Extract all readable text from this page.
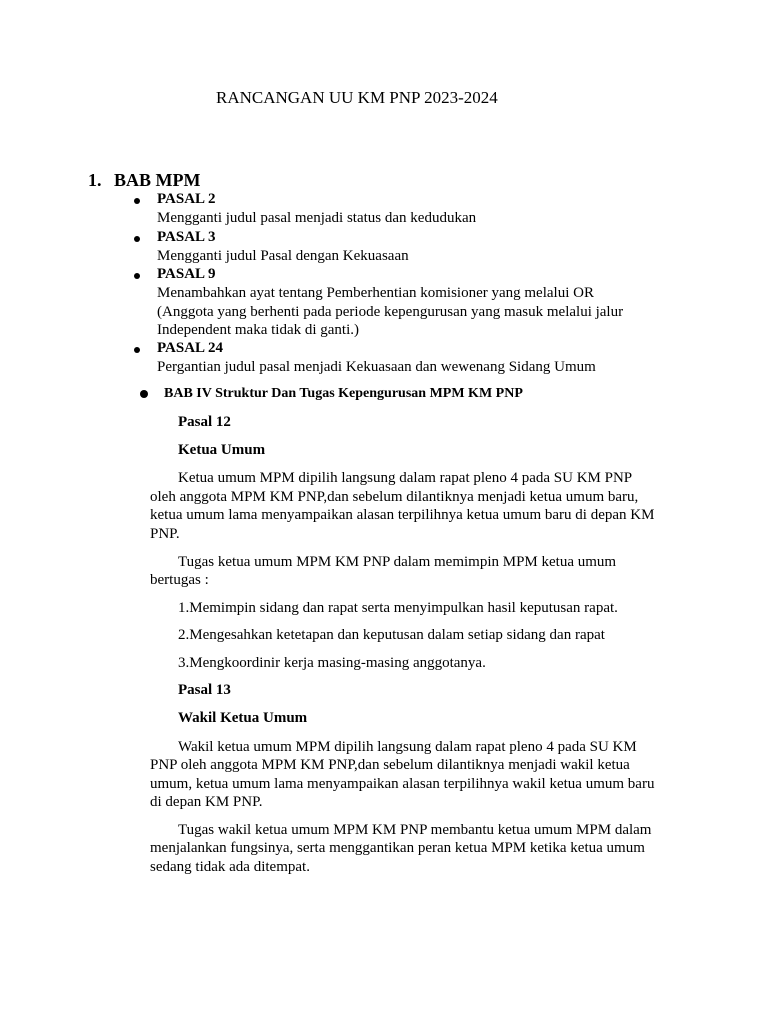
RANCANGAN UU KM PNP 2023-2024
1. BAB MPM
PASAL 2
Mengganti judul pasal menjadi status dan kedudukan
PASAL 3
Mengganti judul Pasal dengan Kekuasaan
PASAL 9
Menambahkan ayat tentang Pemberhentian komisioner yang melalui OR
(Anggota yang berhenti pada periode kepengurusan yang masuk melalui jalur
Independent maka tidak di ganti.)
PASAL 24
Pergantian judul pasal menjadi Kekuasaan dan wewenang Sidang Umum
BAB IV Struktur Dan Tugas Kepengurusan MPM KM PNP
Pasal 12
Ketua Umum
Ketua umum MPM dipilih langsung dalam rapat pleno 4 pada SU KM PNP
oleh anggota MPM KM PNP,dan sebelum dilantiknya menjadi ketua umum baru,
ketua umum lama menyampaikan alasan terpilihnya ketua umum baru di depan KM
PNP.
Tugas ketua umum MPM KM PNP dalam memimpin MPM ketua umum
bertugas :
1.Memimpin sidang dan rapat serta menyimpulkan hasil keputusan rapat.
2.Mengesahkan ketetapan dan keputusan dalam setiap sidang dan rapat
3.Mengkoordinir kerja masing-masing anggotanya.
Pasal 13
Wakil Ketua Umum
Wakil ketua umum MPM dipilih langsung dalam rapat pleno 4 pada SU KM
PNP oleh anggota MPM KM PNP,dan sebelum dilantiknya menjadi wakil ketua
umum, ketua umum lama menyampaikan alasan terpilihnya wakil ketua umum baru
di depan KM PNP.
Tugas wakil ketua umum MPM KM PNP membantu ketua umum MPM dalam
menjalankan fungsinya, serta menggantikan peran ketua MPM ketika ketua umum
sedang tidak ada ditempat.
